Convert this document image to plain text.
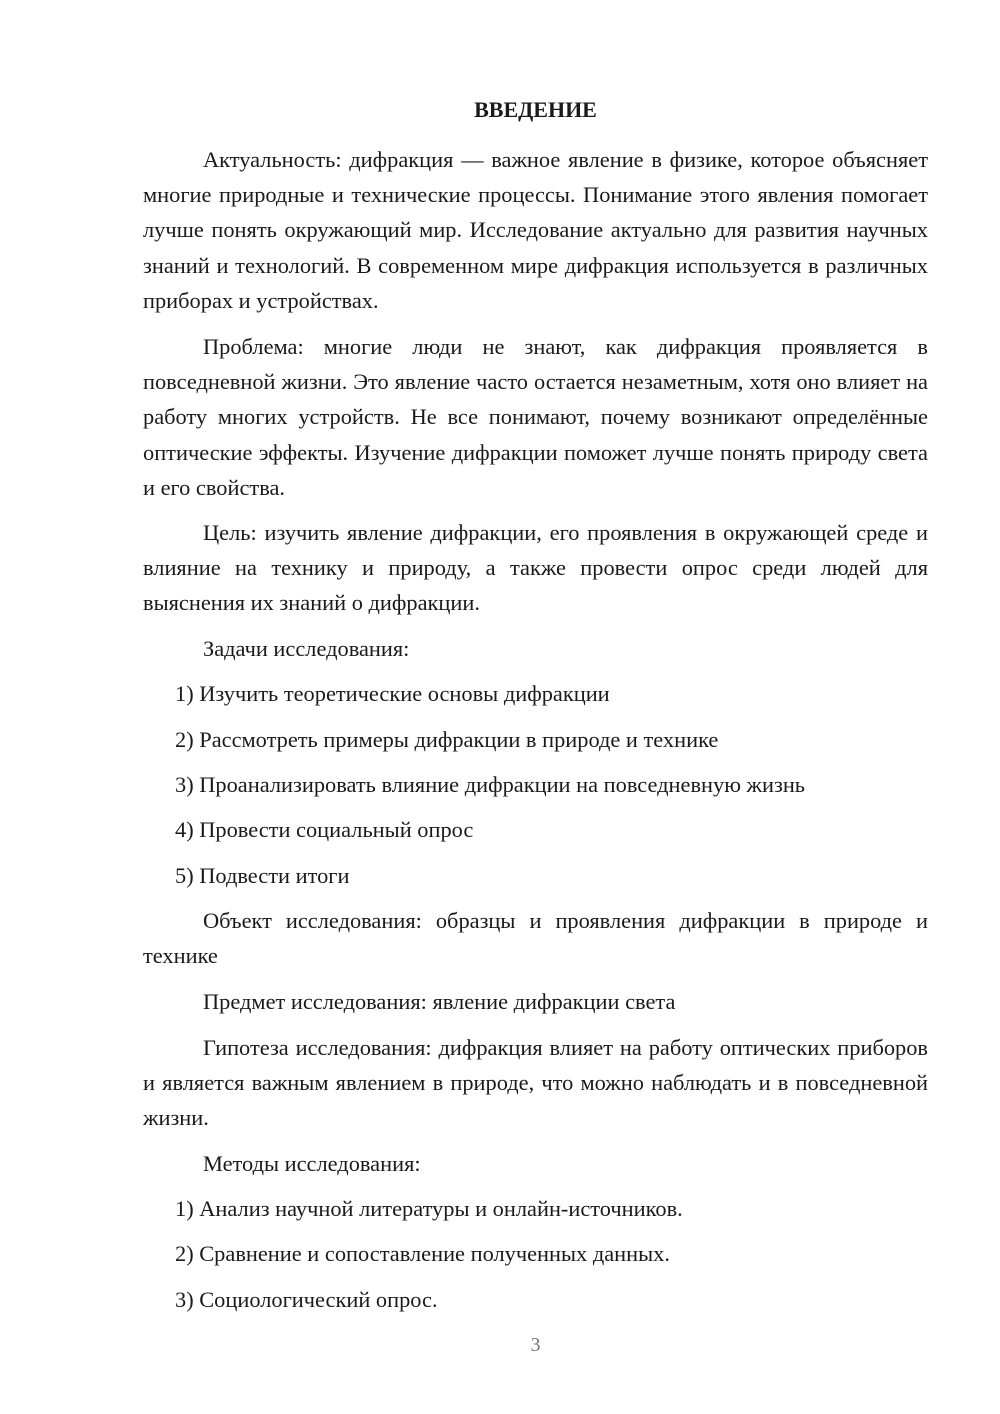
ВВЕДЕНИЕ

Актуальность: дифракция — важное явление в физике, которое объясняет многие природные и технические процессы. Понимание этого явления помогает лучше понять окружающий мир. Исследование актуально для развития научных знаний и технологий. В современном мире дифракция используется в различных приборах и устройствах.

Проблема: многие люди не знают, как дифракция проявляется в повседневной жизни. Это явление часто остается незаметным, хотя оно влияет на работу многих устройств. Не все понимают, почему возникают определённые оптические эффекты. Изучение дифракции поможет лучше понять природу света и его свойства.

Цель: изучить явление дифракции, его проявления в окружающей среде и влияние на технику и природу, а также провести опрос среди людей для выяснения их знаний о дифракции.

Задачи исследования:
1) Изучить теоретические основы дифракции
2) Рассмотреть примеры дифракции в природе и технике
3) Проанализировать влияние дифракции на повседневную жизнь
4) Провести социальный опрос
5) Подвести итоги

Объект исследования: образцы и проявления дифракции в природе и технике

Предмет исследования: явление дифракции света

Гипотеза исследования: дифракция влияет на работу оптических приборов и является важным явлением в природе, что можно наблюдать и в повседневной жизни.

Методы исследования:
1) Анализ научной литературы и онлайн-источников.
2) Сравнение и сопоставление полученных данных.
3) Социологический опрос.
3
